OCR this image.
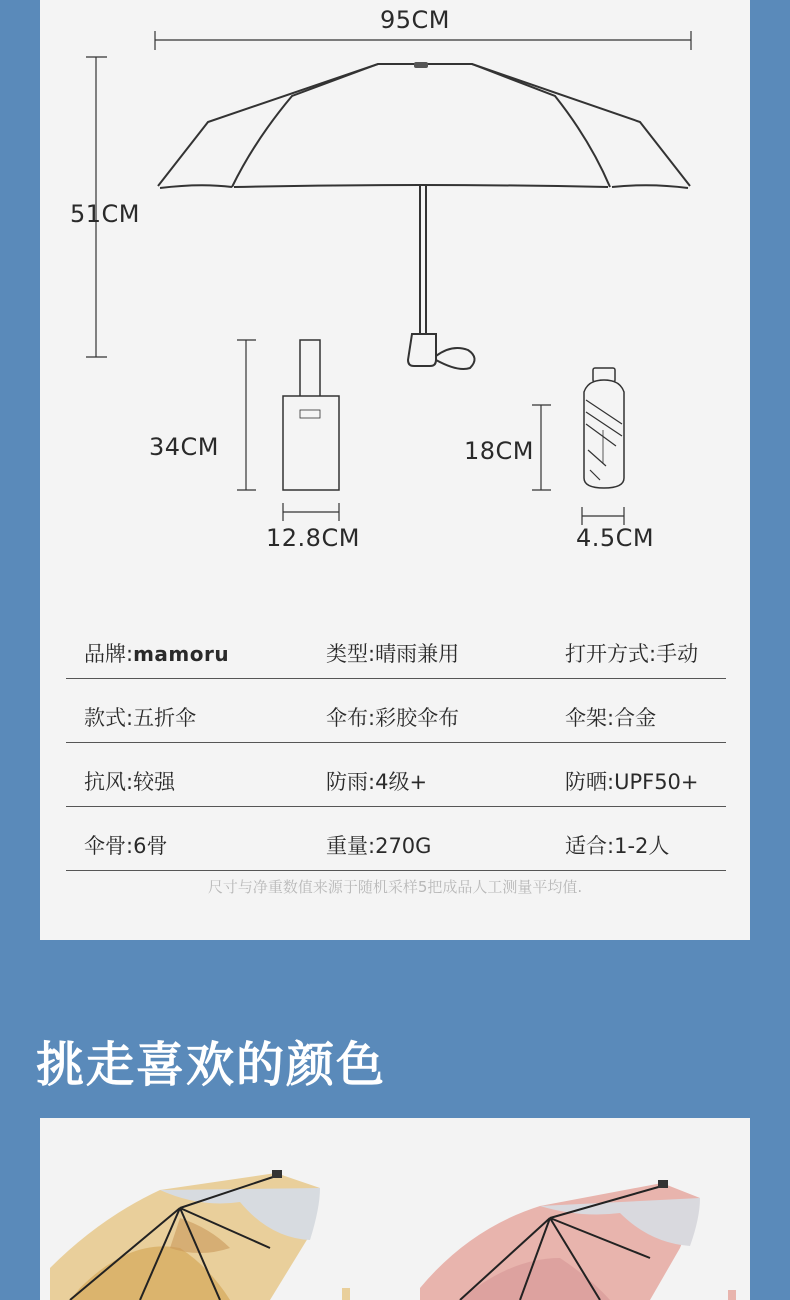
95CM
51CM
34CM
12.8CM
18CM
4.5CM
品牌:mamoru	类型:晴雨兼用	打开方式:手动
款式:五折伞	伞布:彩胶伞布	伞架:合金
抗风:较强	防雨:4级+	防晒:UPF50+
伞骨:6骨	重量:270G	适合:1-2人
尺寸与净重数值来源于随机采样5把成品人工测量平均值.
挑走喜欢的颜色
